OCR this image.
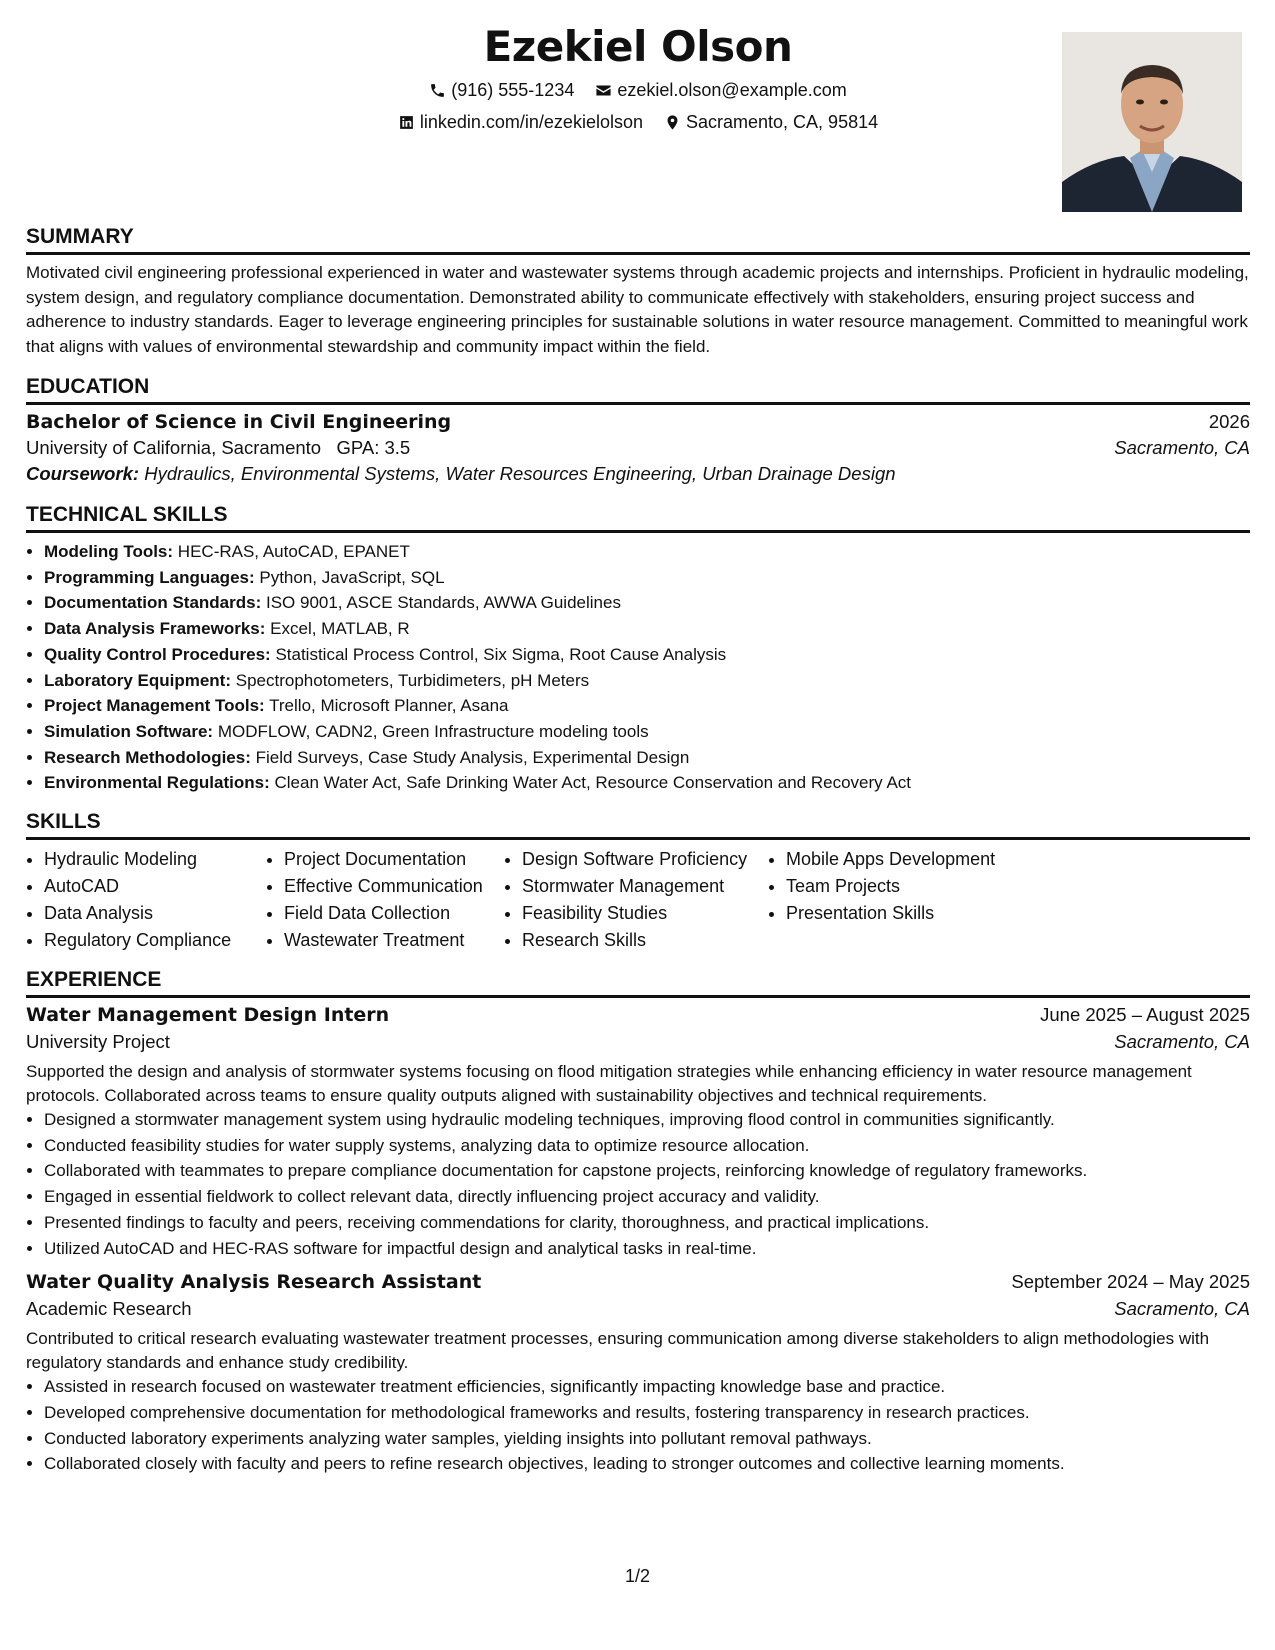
Ezekiel Olson
(916) 555-1234
ezekiel.olson@example.com
linkedin.com/in/ezekielolson
Sacramento, CA, 95814
SUMMARY

Motivated civil engineering professional experienced in water and wastewater systems through academic projects and internships. Proficient in hydraulic modeling, system design, and regulatory compliance documentation. Demonstrated ability to communicate effectively with stakeholders, ensuring project success and adherence to industry standards. Eager to leverage engineering principles for sustainable solutions in water resource management. Committed to meaningful work that aligns with values of environmental stewardship and community impact within the field.

EDUCATION
Bachelor of Science in Civil Engineering	2026
University of California, Sacramento GPA: 3.5	Sacramento, CA
Coursework: Hydraulics, Environmental Systems, Water Resources Engineering, Urban Drainage Design
TECHNICAL SKILLS
• Modeling Tools: HEC-RAS, AutoCAD, EPANET
• Programming Languages: Python, JavaScript, SQL
• Documentation Standards: ISO 9001, ASCE Standards, AWWA Guidelines
• Data Analysis Frameworks: Excel, MATLAB, R
• Quality Control Procedures: Statistical Process Control, Six Sigma, Root Cause Analysis
• Laboratory Equipment: Spectrophotometers, Turbidimeters, pH Meters
• Project Management Tools: Trello, Microsoft Planner, Asana
• Simulation Software: MODFLOW, CADN2, Green Infrastructure modeling tools
• Research Methodologies: Field Surveys, Case Study Analysis, Experimental Design
• Environmental Regulations: Clean Water Act, Safe Drinking Water Act, Resource Conservation and Recovery Act
SKILLS
• Hydraulic Modeling
• AutoCAD
• Data Analysis
• Regulatory Compliance
• Project Documentation
• Effective Communication
• Field Data Collection
• Wastewater Treatment
• Design Software Proficiency
• Stormwater Management
• Feasibility Studies
• Research Skills
• Mobile Apps Development
• Team Projects
• Presentation Skills
EXPERIENCE
Water Management Design Intern	June 2025 – August 2025
University Project	Sacramento, CA

Supported the design and analysis of stormwater systems focusing on flood mitigation strategies while enhancing efficiency in water resource management protocols. Collaborated across teams to ensure quality outputs aligned with sustainability objectives and technical requirements.

• Designed a stormwater management system using hydraulic modeling techniques, improving flood control in communities significantly.
• Conducted feasibility studies for water supply systems, analyzing data to optimize resource allocation.
• Collaborated with teammates to prepare compliance documentation for capstone projects, reinforcing knowledge of regulatory frameworks.
• Engaged in essential fieldwork to collect relevant data, directly influencing project accuracy and validity.
• Presented findings to faculty and peers, receiving commendations for clarity, thoroughness, and practical implications.
• Utilized AutoCAD and HEC-RAS software for impactful design and analytical tasks in real-time.
Water Quality Analysis Research Assistant	September 2024 – May 2025
Academic Research	Sacramento, CA

Contributed to critical research evaluating wastewater treatment processes, ensuring communication among diverse stakeholders to align methodologies with regulatory standards and enhance study credibility.

• Assisted in research focused on wastewater treatment efficiencies, significantly impacting knowledge base and practice.
• Developed comprehensive documentation for methodological frameworks and results, fostering transparency in research practices.
• Conducted laboratory experiments analyzing water samples, yielding insights into pollutant removal pathways.
• Collaborated closely with faculty and peers to refine research objectives, leading to stronger outcomes and collective learning moments.
1/2
